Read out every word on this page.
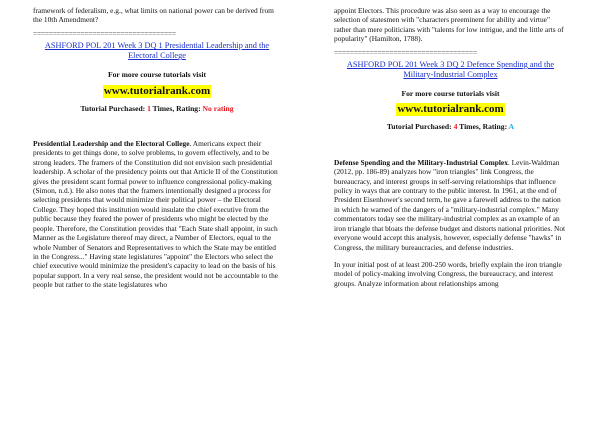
framework of federalism, e.g., what limits on national power can be derived from the 10th Amendment?

====================================
ASHFORD POL 201 Week 3 DQ 1 Presidential Leadership and the Electoral College

For more course tutorials visit

www.tutorialrank.com

Tutorial Purchased: 1 Times, Rating: No rating

Presidential Leadership and the Electoral College. Americans expect their presidents to get things done, to solve problems, to govern effectively, and to be strong leaders. The framers of the Constitution did not envision such presidential leadership. A scholar of the presidency points out that Article II of the Constitution gives the president scant formal power to influence congressional policy-making (Simon, n.d.). He also notes that the framers intentionally designed a process for selecting presidents that would minimize their political power – the Electoral College. They hoped this institution would insulate the chief executive from the public because they feared the power of presidents who might be elected by the people. Therefore, the Constitution provides that "Each State shall appoint, in such Manner as the Legislature thereof may direct, a Number of Electors, equal to the whole Number of Senators and Representatives to which the State may be entitled in the Congress..." Having state legislatures "appoint" the Electors who select the chief executive would minimize the president's capacity to lead on the basis of his popular support. In a very real sense, the president would not be accountable to the people but rather to the state legislatures who

appoint Electors. This procedure was also seen as a way to encourage the selection of statesmen with "characters preeminent for ability and virtue" rather than mere politicians with "talents for low intrigue, and the little arts of popularity" (Hamilton, 1788).

====================================
ASHFORD POL 201 Week 3 DQ 2 Defence Spending and the Military-Industrial Complex

For more course tutorials visit

www.tutorialrank.com

Tutorial Purchased: 4 Times, Rating: A

Defense Spending and the Military-Industrial Complex. Levin-Waldman (2012, pp. 186-89) analyzes how "iron triangles" link Congress, the bureaucracy, and interest groups in self-serving relationships that influence policy in ways that are contrary to the public interest. In 1961, at the end of President Eisenhower's second term, he gave a farewell address to the nation in which he warned of the dangers of a "military-industrial complex." Many commentators today see the military-industrial complex as an example of an iron triangle that bloats the defense budget and distorts national priorities. Not everyone would accept this analysis, however, especially defense "hawks" in Congress, the military bureaucracies, and defense industries.

In your initial post of at least 200-250 words, briefly explain the iron triangle model of policy-making involving Congress, the bureaucracy, and interest groups. Analyze information about relationships among
